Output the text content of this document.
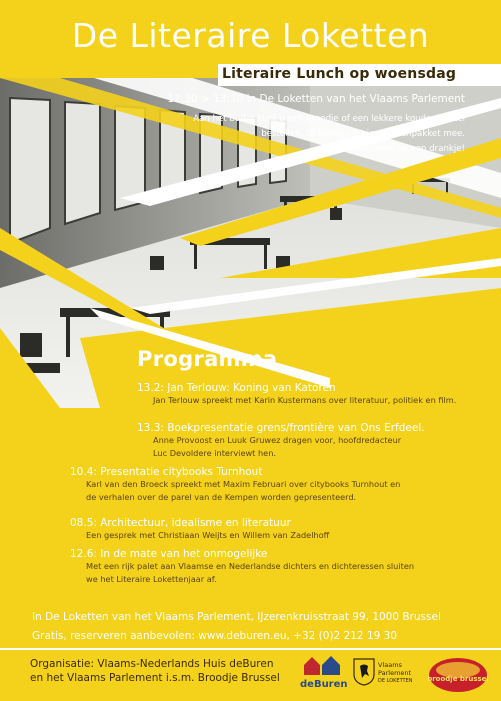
De Literaire Loketten
Literaire Lunch op woensdag
12:30 > 13:30 in De Loketten van het Vlaams Parlement
Aan het buffet kunt u een broodje of een lekkere koude schotel
bestellen. Of breng uw eigen lunchpakket mee.
Wij trakteren op een drankje!
Programma
13.2: Jan Terlouw: Koning van Katoren
Jan Terlouw spreekt met Karin Kustermans over literatuur, politiek en film.
13.3: Boekpresentatie grens/frontière van Ons Erfdeel.
Anne Provoost en Luuk Gruwez dragen voor, hoofdredacteur
Luc Devoldere interviewt hen.
10.4: Presentatie citybooks Turnhout
Karl van den Broeck spreekt met Maxim Februari over citybooks Turnhout en
de verhalen over de parel van de Kempen worden gepresenteerd.
08.5: Architectuur, idealisme en literatuur
Een gesprek met Christiaan Weijts en Willem van Zadelhoff
12.6: In de mate van het onmogelijke
Met een rijk palet aan Vlaamse en Nederlandse dichters en dichteressen sluiten
we het Literaire Lokettenjaar af.
In De Loketten van het Vlaams Parlement, IJzerenkruisstraat 99, 1000 Brussel
Gratis, reserveren aanbevolen: www.deburen.eu, +32 (0)2 212 19 30
Organisatie: Vlaams-Nederlands Huis deBuren
en het Vlaams Parlement i.s.m. Broodje Brussel
deBuren
Vlaams
Parlement
DE LOKETTEN broodje brussel
